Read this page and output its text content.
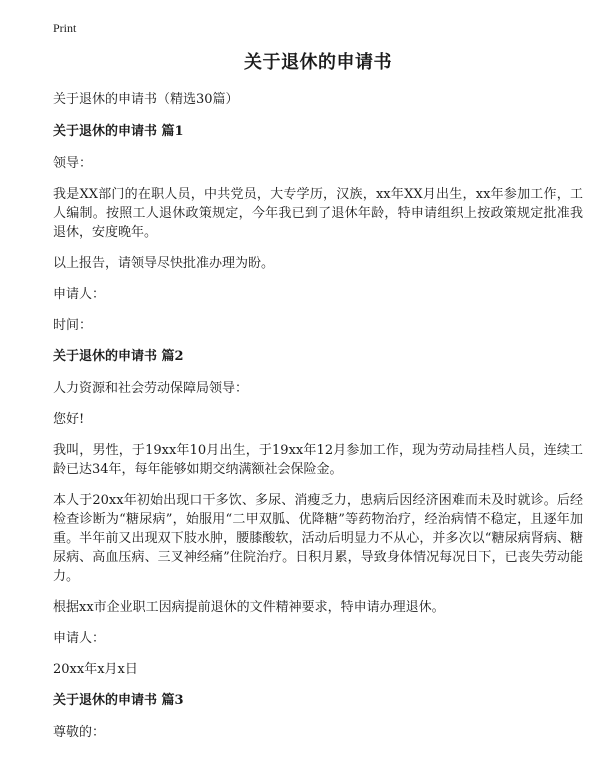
Print
关于退休的申请书
关于退休的申请书（精选30篇）
关于退休的申请书 篇1
领导：
我是XX部门的在职人员，中共党员，大专学历，汉族，xx年XX月出生，xx年参加工作，工人编制。按照工人退休政策规定，今年我已到了退休年龄，特申请组织上按政策规定批准我退休，安度晚年。
以上报告，请领导尽快批准办理为盼。
申请人：
时间：
关于退休的申请书 篇2
人力资源和社会劳动保障局领导：
您好!
我叫，男性，于19xx年10月出生，于19xx年12月参加工作，现为劳动局挂档人员，连续工龄已达34年，每年能够如期交纳满额社会保险金。
本人于20xx年初始出现口干多饮、多尿、消瘦乏力，患病后因经济困难而未及时就诊。后经检查诊断为“糖尿病”，始服用“二甲双胍、优降糖”等药物治疗，经治病情不稳定，且逐年加重。半年前又出现双下肢水肿，腰膝酸软，活动后明显力不从心，并多次以“糖尿病肾病、糖尿病、高血压病、三叉神经痛”住院治疗。日积月累，导致身体情况每况日下，已丧失劳动能力。
根据xx市企业职工因病提前退休的文件精神要求，特申请办理退休。
申请人：
20xx年x月x日
关于退休的申请书 篇3
尊敬的：
